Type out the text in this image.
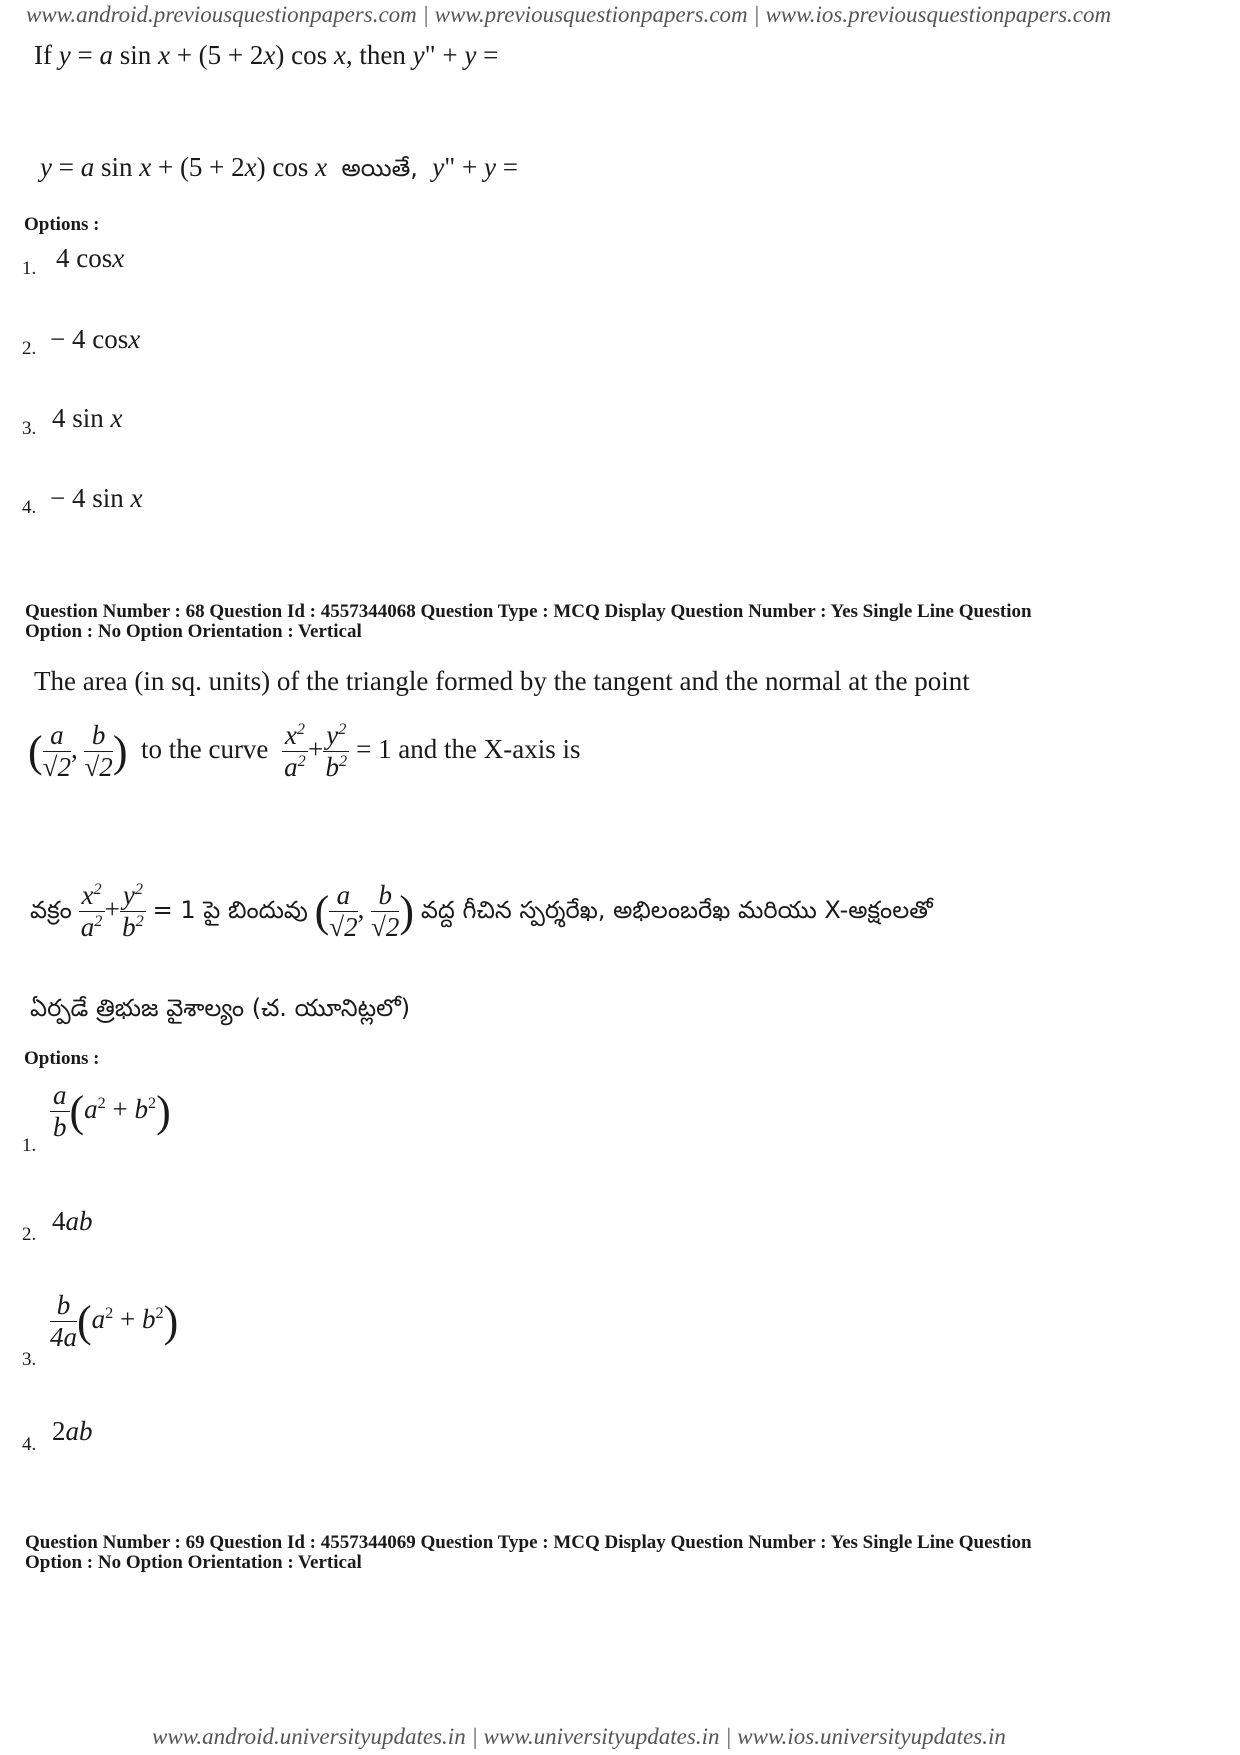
www.android.previousquestionpapers.com | www.previousquestionpapers.com | www.ios.previousquestionpapers.com
If y = a sin x + (5 + 2x) cos x, then y" + y =
y = a sin x + (5 + 2x) cos x  అయితే,  y" + y =
Options :
1. 4 cosx
2. − 4 cosx
3. 4 sin x
4. − 4 sin x
Question Number : 68 Question Id : 4557344068 Question Type : MCQ Display Question Number : Yes Single Line Question
Option : No Option Orientation : Vertical
The area (in sq. units) of the triangle formed by the tangent and the normal at the point
( $\frac{a}{√2}$ , $\frac{b}{√2}$ ) to the curve $\frac{x^2}{a^2} + \frac{y^2}{b^2} = 1$ and the X-axis is
వక్రం $\frac{x^2}{a^2} + \frac{y^2}{b^2} = 1$ పై బిందువు ( $\frac{a}{√2}$ , $\frac{b}{√2}$ ) వద్ద గీచిన స్పర్శరేఖ, అభిలంబరేఖ మరియు X-అక్షంలతో
ఏర్పడే త్రిభుజ వైశాల్యం (చ. యూనిట్లలో)
Options :
1.
$\frac{a}{b} (a^2 + b^2)$
2. 4ab
3.
$\frac{b}{4a} (a^2 + b^2)$
4. 2ab
Question Number : 69 Question Id : 4557344069 Question Type : MCQ Display Question Number : Yes Single Line Question
Option : No Option Orientation : Vertical
www.android.universityupdates.in | www.universityupdates.in | www.ios.universityupdates.in
